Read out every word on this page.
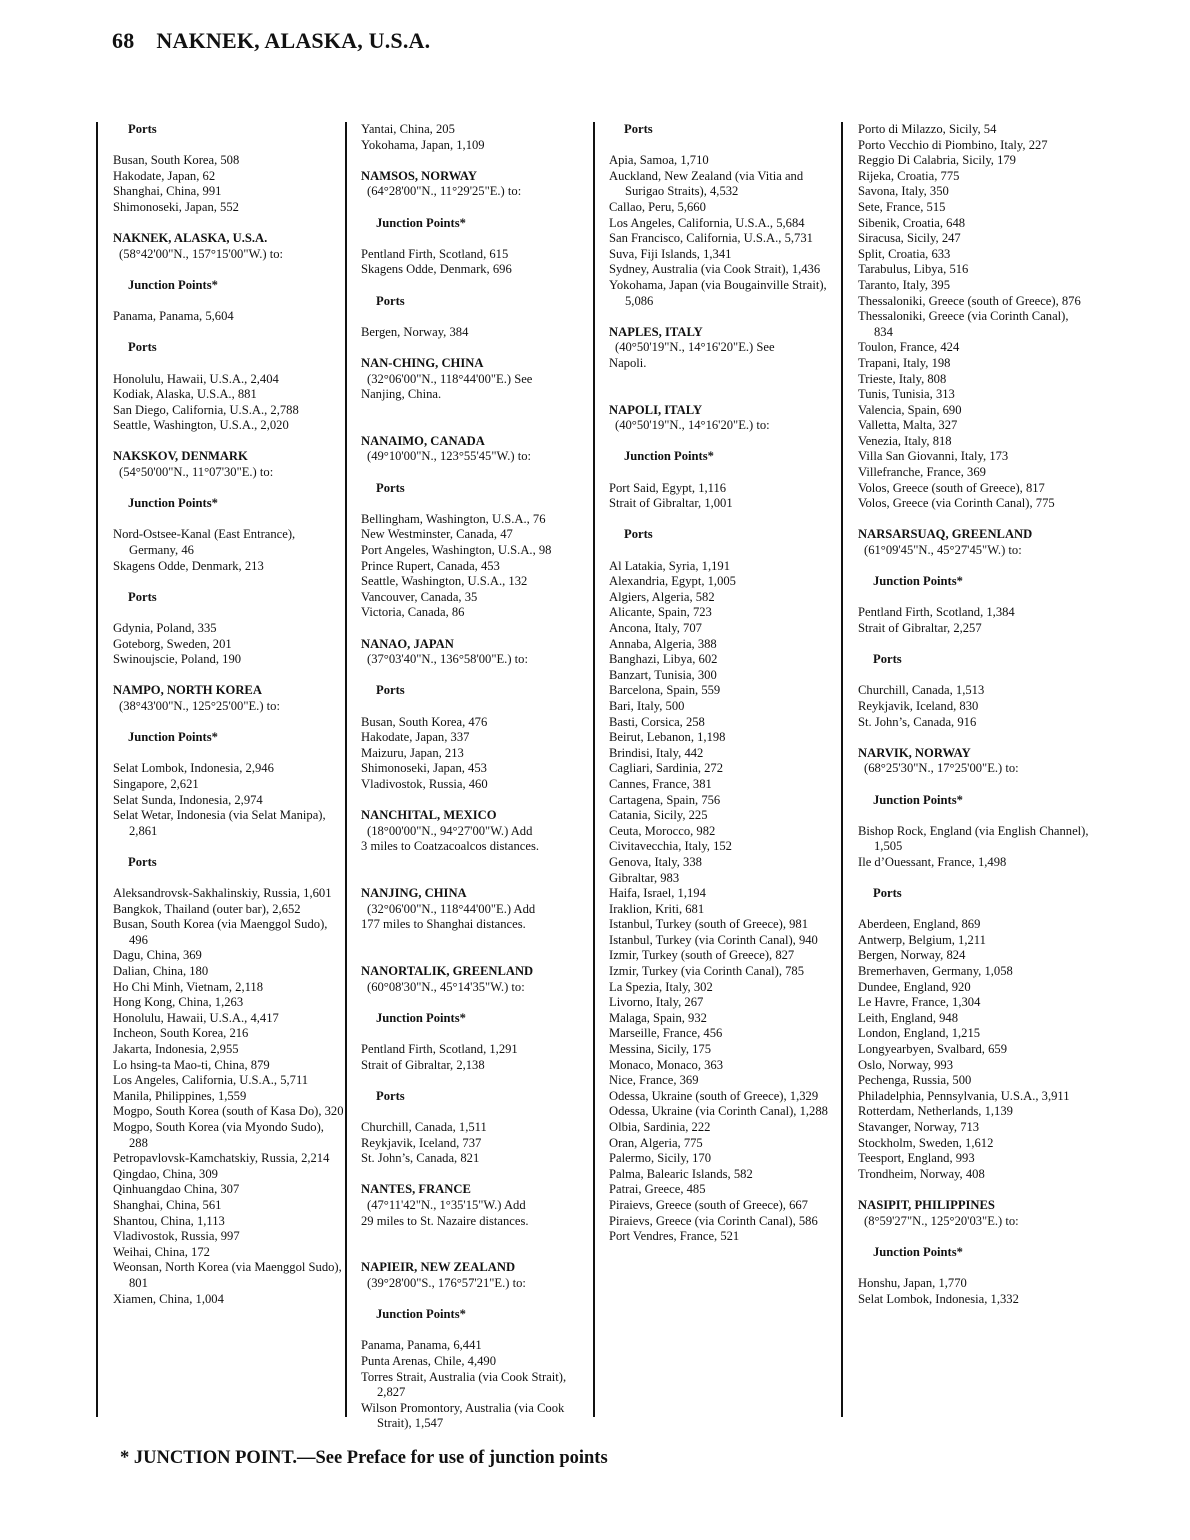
68 NAKNEK, ALASKA, U.S.A.
Ports
Busan, South Korea, 508
Hakodate, Japan, 62
Shanghai, China, 991
Shimonoseki, Japan, 552
NAKNEK, ALASKA, U.S.A.
(58°42'00"N., 157°15'00"W.) to:
Junction Points*
Panama, Panama, 5,604
Ports
Honolulu, Hawaii, U.S.A., 2,404
Kodiak, Alaska, U.S.A., 881
San Diego, California, U.S.A., 2,788
Seattle, Washington, U.S.A., 2,020
NAKSKOV, DENMARK
(54°50'00"N., 11°07'30"E.) to:
Junction Points*
Nord-Ostsee-Kanal (East Entrance), Germany, 46
Skagens Odde, Denmark, 213
Ports
Gdynia, Poland, 335
Goteborg, Sweden, 201
Swinoujscie, Poland, 190
NAMPO, NORTH KOREA
(38°43'00"N., 125°25'00"E.) to:
Junction Points*
Selat Lombok, Indonesia, 2,946
Singapore, 2,621
Selat Sunda, Indonesia, 2,974
Selat Wetar, Indonesia (via Selat Manipa), 2,861
Ports
Aleksandrovsk-Sakhalinskiy, Russia, 1,601
Bangkok, Thailand (outer bar), 2,652
Busan, South Korea (via Maenggol Sudo), 496
Dagu, China, 369
Dalian, China, 180
Ho Chi Minh, Vietnam, 2,118
Hong Kong, China, 1,263
Honolulu, Hawaii, U.S.A., 4,417
Incheon, South Korea, 216
Jakarta, Indonesia, 2,955
Lo hsing-ta Mao-ti, China, 879
Los Angeles, California, U.S.A., 5,711
Manila, Philippines, 1,559
Mogpo, South Korea (south of Kasa Do), 320
Mogpo, South Korea (via Myondo Sudo), 288
Petropavlovsk-Kamchatskiy, Russia, 2,214
Qingdao, China, 309
Qinhuangdao China, 307
Shanghai, China, 561
Shantou, China, 1,113
Vladivostok, Russia, 997
Weihai, China, 172
Weonsan, North Korea (via Maenggol Sudo), 801
Xiamen, China, 1,004
Yantai, China, 205
Yokohama, Japan, 1,109
NAMSOS, NORWAY
(64°28'00"N., 11°29'25"E.) to:
Junction Points*
Pentland Firth, Scotland, 615
Skagens Odde, Denmark, 696
Ports
Bergen, Norway, 384
NAN-CHING, CHINA
(32°06'00"N., 118°44'00"E.) See
Nanjing, China.
NANAIMO, CANADA
(49°10'00"N., 123°55'45"W.) to:
Ports
Bellingham, Washington, U.S.A., 76
New Westminster, Canada, 47
Port Angeles, Washington, U.S.A., 98
Prince Rupert, Canada, 453
Seattle, Washington, U.S.A., 132
Vancouver, Canada, 35
Victoria, Canada, 86
NANAO, JAPAN
(37°03'40"N., 136°58'00"E.) to:
Ports
Busan, South Korea, 476
Hakodate, Japan, 337
Maizuru, Japan, 213
Shimonoseki, Japan, 453
Vladivostok, Russia, 460
NANCHITAL, MEXICO
(18°00'00"N., 94°27'00"W.) Add
3 miles to Coatzacoalcos distances.
NANJING, CHINA
(32°06'00"N., 118°44'00"E.) Add
177 miles to Shanghai distances.
NANORTALIK, GREENLAND
(60°08'30"N., 45°14'35"W.) to:
Junction Points*
Pentland Firth, Scotland, 1,291
Strait of Gibraltar, 2,138
Ports
Churchill, Canada, 1,511
Reykjavik, Iceland, 737
St. John’s, Canada, 821
NANTES, FRANCE
(47°11'42"N., 1°35'15"W.) Add
29 miles to St. Nazaire distances.
NAPIEIR, NEW ZEALAND
(39°28'00"S., 176°57'21"E.) to:
Junction Points*
Panama, Panama, 6,441
Punta Arenas, Chile, 4,490
Torres Strait, Australia (via Cook Strait), 2,827
Wilson Promontory, Australia (via Cook Strait), 1,547
Ports
Apia, Samoa, 1,710
Auckland, New Zealand (via Vitia and Surigao Straits), 4,532
Callao, Peru, 5,660
Los Angeles, California, U.S.A., 5,684
San Francisco, California, U.S.A., 5,731
Suva, Fiji Islands, 1,341
Sydney, Australia (via Cook Strait), 1,436
Yokohama, Japan (via Bougainville Strait), 5,086
NAPLES, ITALY
(40°50'19"N., 14°16'20"E.) See
Napoli.
NAPOLI, ITALY
(40°50'19"N., 14°16'20"E.) to:
Junction Points*
Port Said, Egypt, 1,116
Strait of Gibraltar, 1,001
Ports
Al Latakia, Syria, 1,191
Alexandria, Egypt, 1,005
Algiers, Algeria, 582
Alicante, Spain, 723
Ancona, Italy, 707
Annaba, Algeria, 388
Banghazi, Libya, 602
Banzart, Tunisia, 300
Barcelona, Spain, 559
Bari, Italy, 500
Basti, Corsica, 258
Beirut, Lebanon, 1,198
Brindisi, Italy, 442
Cagliari, Sardinia, 272
Cannes, France, 381
Cartagena, Spain, 756
Catania, Sicily, 225
Ceuta, Morocco, 982
Civitavecchia, Italy, 152
Genova, Italy, 338
Gibraltar, 983
Haifa, Israel, 1,194
Iraklion, Kriti, 681
Istanbul, Turkey (south of Greece), 981
Istanbul, Turkey (via Corinth Canal), 940
Izmir, Turkey (south of Greece), 827
Izmir, Turkey (via Corinth Canal), 785
La Spezia, Italy, 302
Livorno, Italy, 267
Malaga, Spain, 932
Marseille, France, 456
Messina, Sicily, 175
Monaco, Monaco, 363
Nice, France, 369
Odessa, Ukraine (south of Greece), 1,329
Odessa, Ukraine (via Corinth Canal), 1,288
Olbia, Sardinia, 222
Oran, Algeria, 775
Palermo, Sicily, 170
Palma, Balearic Islands, 582
Patrai, Greece, 485
Piraievs, Greece (south of Greece), 667
Piraievs, Greece (via Corinth Canal), 586
Port Vendres, France, 521
Porto di Milazzo, Sicily, 54
Porto Vecchio di Piombino, Italy, 227
Reggio Di Calabria, Sicily, 179
Rijeka, Croatia, 775
Savona, Italy, 350
Sete, France, 515
Sibenik, Croatia, 648
Siracusa, Sicily, 247
Split, Croatia, 633
Tarabulus, Libya, 516
Taranto, Italy, 395
Thessaloniki, Greece (south of Greece), 876
Thessaloniki, Greece (via Corinth Canal), 834
Toulon, France, 424
Trapani, Italy, 198
Trieste, Italy, 808
Tunis, Tunisia, 313
Valencia, Spain, 690
Valletta, Malta, 327
Venezia, Italy, 818
Villa San Giovanni, Italy, 173
Villefranche, France, 369
Volos, Greece (south of Greece), 817
Volos, Greece (via Corinth Canal), 775
NARSARSUAQ, GREENLAND
(61°09'45"N., 45°27'45"W.) to:
Junction Points*
Pentland Firth, Scotland, 1,384
Strait of Gibraltar, 2,257
Ports
Churchill, Canada, 1,513
Reykjavik, Iceland, 830
St. John’s, Canada, 916
NARVIK, NORWAY
(68°25'30"N., 17°25'00"E.) to:
Junction Points*
Bishop Rock, England (via English Channel), 1,505
Ile d’Ouessant, France, 1,498
Ports
Aberdeen, England, 869
Antwerp, Belgium, 1,211
Bergen, Norway, 824
Bremerhaven, Germany, 1,058
Dundee, England, 920
Le Havre, France, 1,304
Leith, England, 948
London, England, 1,215
Longyearbyen, Svalbard, 659
Oslo, Norway, 993
Pechenga, Russia, 500
Philadelphia, Pennsylvania, U.S.A., 3,911
Rotterdam, Netherlands, 1,139
Stavanger, Norway, 713
Stockholm, Sweden, 1,612
Teesport, England, 993
Trondheim, Norway, 408
NASIPIT, PHILIPPINES
(8°59'27"N., 125°20'03"E.) to:
Junction Points*
Honshu, Japan, 1,770
Selat Lombok, Indonesia, 1,332
* JUNCTION POINT.—See Preface for use of junction points
